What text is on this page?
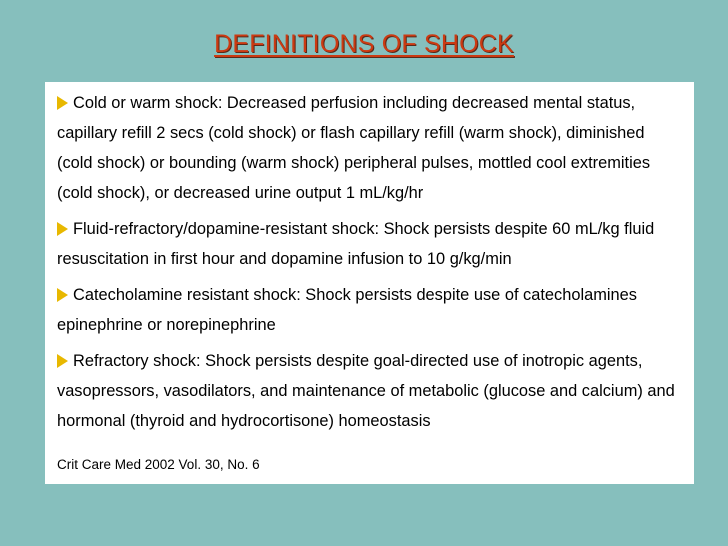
DEFINITIONS OF SHOCK

Cold or warm shock: Decreased perfusion including decreased mental status, capillary refill 2 secs (cold shock) or flash capillary refill (warm shock), diminished (cold shock) or bounding (warm shock) peripheral pulses, mottled cool extremities (cold shock), or decreased urine output 1 mL/kg/hr

Fluid-refractory/dopamine-resistant shock: Shock persists despite 60 mL/kg fluid resuscitation in first hour and dopamine infusion to 10 g/kg/min

Catecholamine resistant shock: Shock persists despite use of catecholamines epinephrine or norepinephrine

Refractory shock: Shock persists despite goal-directed use of inotropic agents, vasopressors, vasodilators, and maintenance of metabolic (glucose and calcium) and hormonal (thyroid and hydrocortisone) homeostasis

Crit Care Med 2002 Vol. 30, No. 6
